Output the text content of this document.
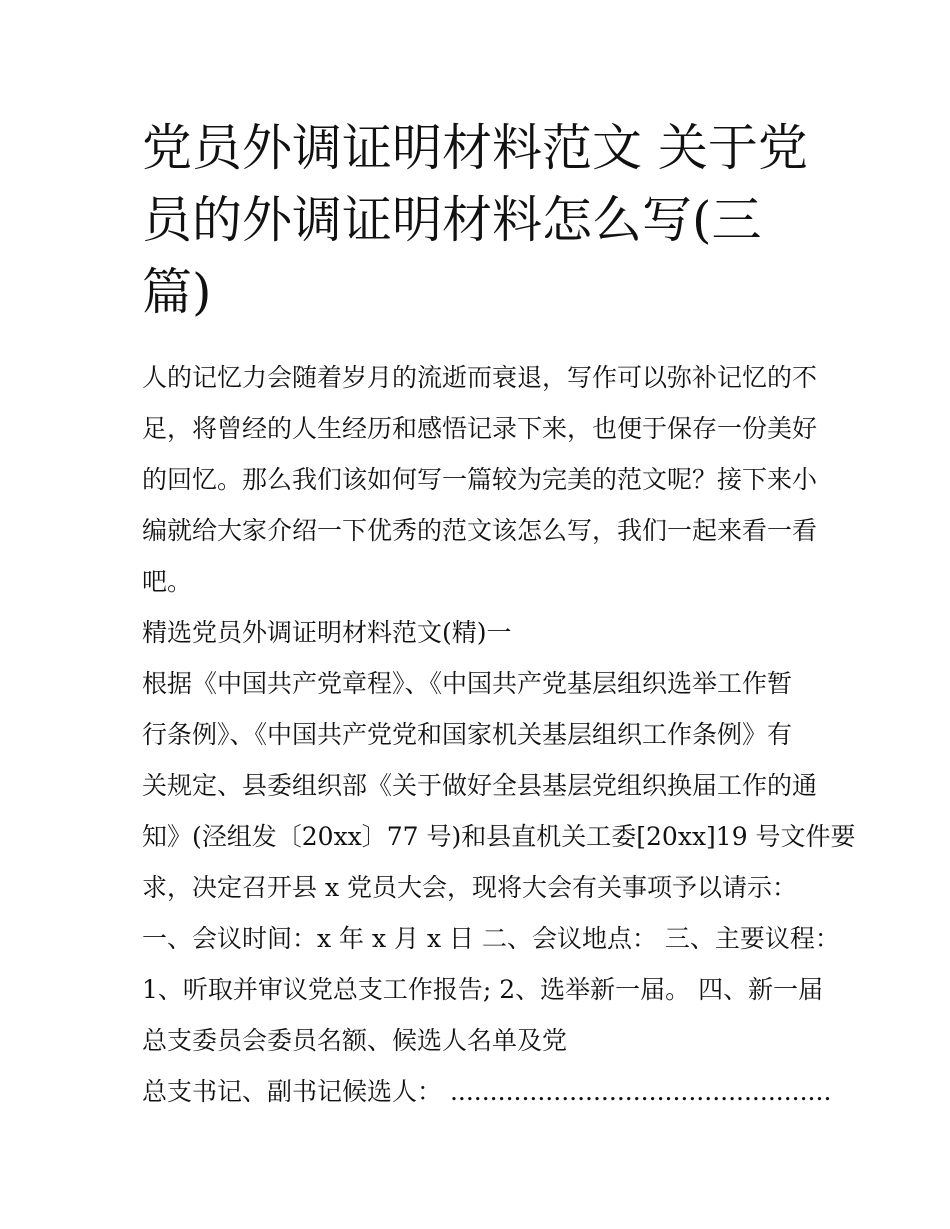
党员外调证明材料范文 关于党员的外调证明材料怎么写(三篇)

人的记忆力会随着岁月的流逝而衰退，写作可以弥补记忆的不

足，将曾经的人生经历和感悟记录下来，也便于保存一份美好

的回忆。那么我们该如何写一篇较为完美的范文呢？接下来小

编就给大家介绍一下优秀的范文该怎么写，我们一起来看一看

吧。

精选党员外调证明材料范文(精)一

根据《中国共产党章程》、《中国共产党基层组织选举工作暂

行条例》、《中国共产党党和国家机关基层组织工作条例》有

关规定、县委组织部《关于做好全县基层党组织换届工作的通

知》(泾组发〔20xx〕77 号)和县直机关工委[20xx]19 号文件要

求，决定召开县 x 党员大会，现将大会有关事项予以请示：

一、会议时间：x 年 x 月 x 日 二、会议地点： 三、主要议程：

1、听取并审议党总支工作报告; 2、选举新一届。 四、新一届

总支委员会委员名额、候选人名单及党

总支书记、副书记候选人： ................................................
